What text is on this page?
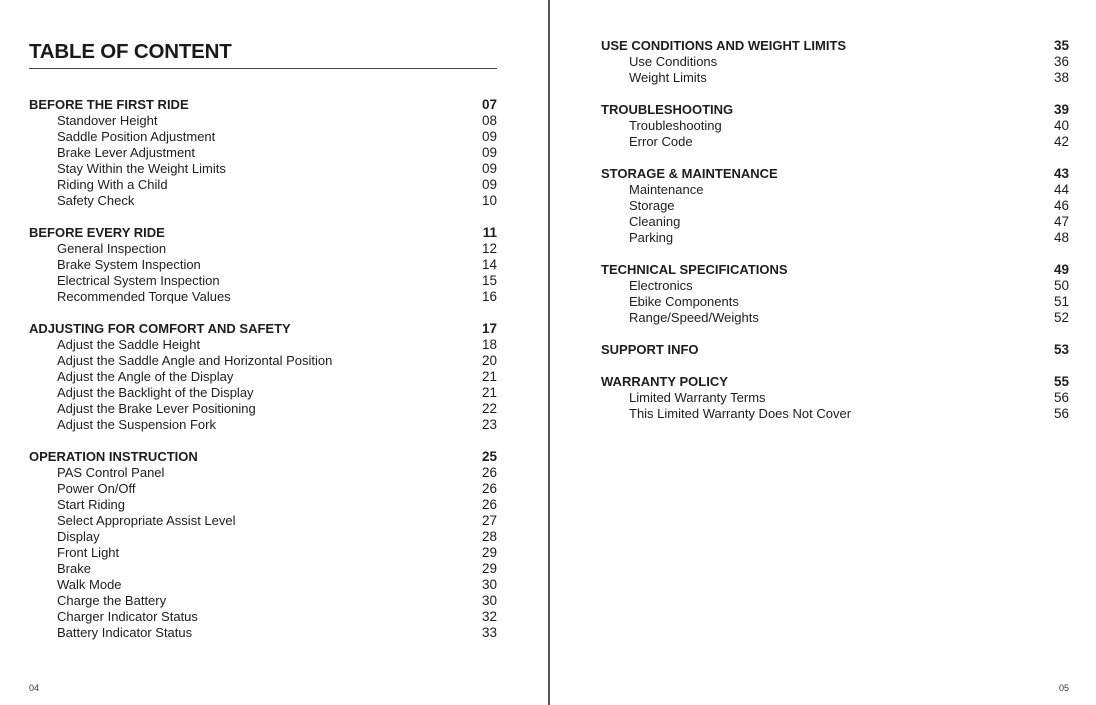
TABLE OF CONTENT
BEFORE THE FIRST RIDE	07
Standover Height	08
Saddle Position Adjustment	09
Brake Lever Adjustment	09
Stay Within the Weight Limits	09
Riding With a Child	09
Safety Check	10
BEFORE EVERY RIDE	11
General Inspection	12
Brake System Inspection	14
Electrical System Inspection	15
Recommended Torque Values	16
ADJUSTING FOR COMFORT AND SAFETY	17
Adjust the Saddle Height	18
Adjust the Saddle Angle and Horizontal Position	20
Adjust the Angle of the Display	21
Adjust the Backlight of the Display	21
Adjust the Brake Lever Positioning	22
Adjust the Suspension Fork	23
OPERATION INSTRUCTION	25
PAS Control Panel	26
Power On/Off	26
Start Riding	26
Select Appropriate Assist Level	27
Display	28
Front Light	29
Brake	29
Walk Mode	30
Charge the Battery	30
Charger Indicator Status	32
Battery Indicator Status	33
04
USE CONDITIONS AND WEIGHT LIMITS	35
Use Conditions	36
Weight Limits	38
TROUBLESHOOTING	39
Troubleshooting	40
Error Code	42
STORAGE & MAINTENANCE	43
Maintenance	44
Storage	46
Cleaning	47
Parking	48
TECHNICAL SPECIFICATIONS	49
Electronics	50
Ebike Components	51
Range/Speed/Weights	52
SUPPORT INFO	53
WARRANTY POLICY	55
Limited Warranty Terms	56
This Limited Warranty Does Not Cover	56
05
